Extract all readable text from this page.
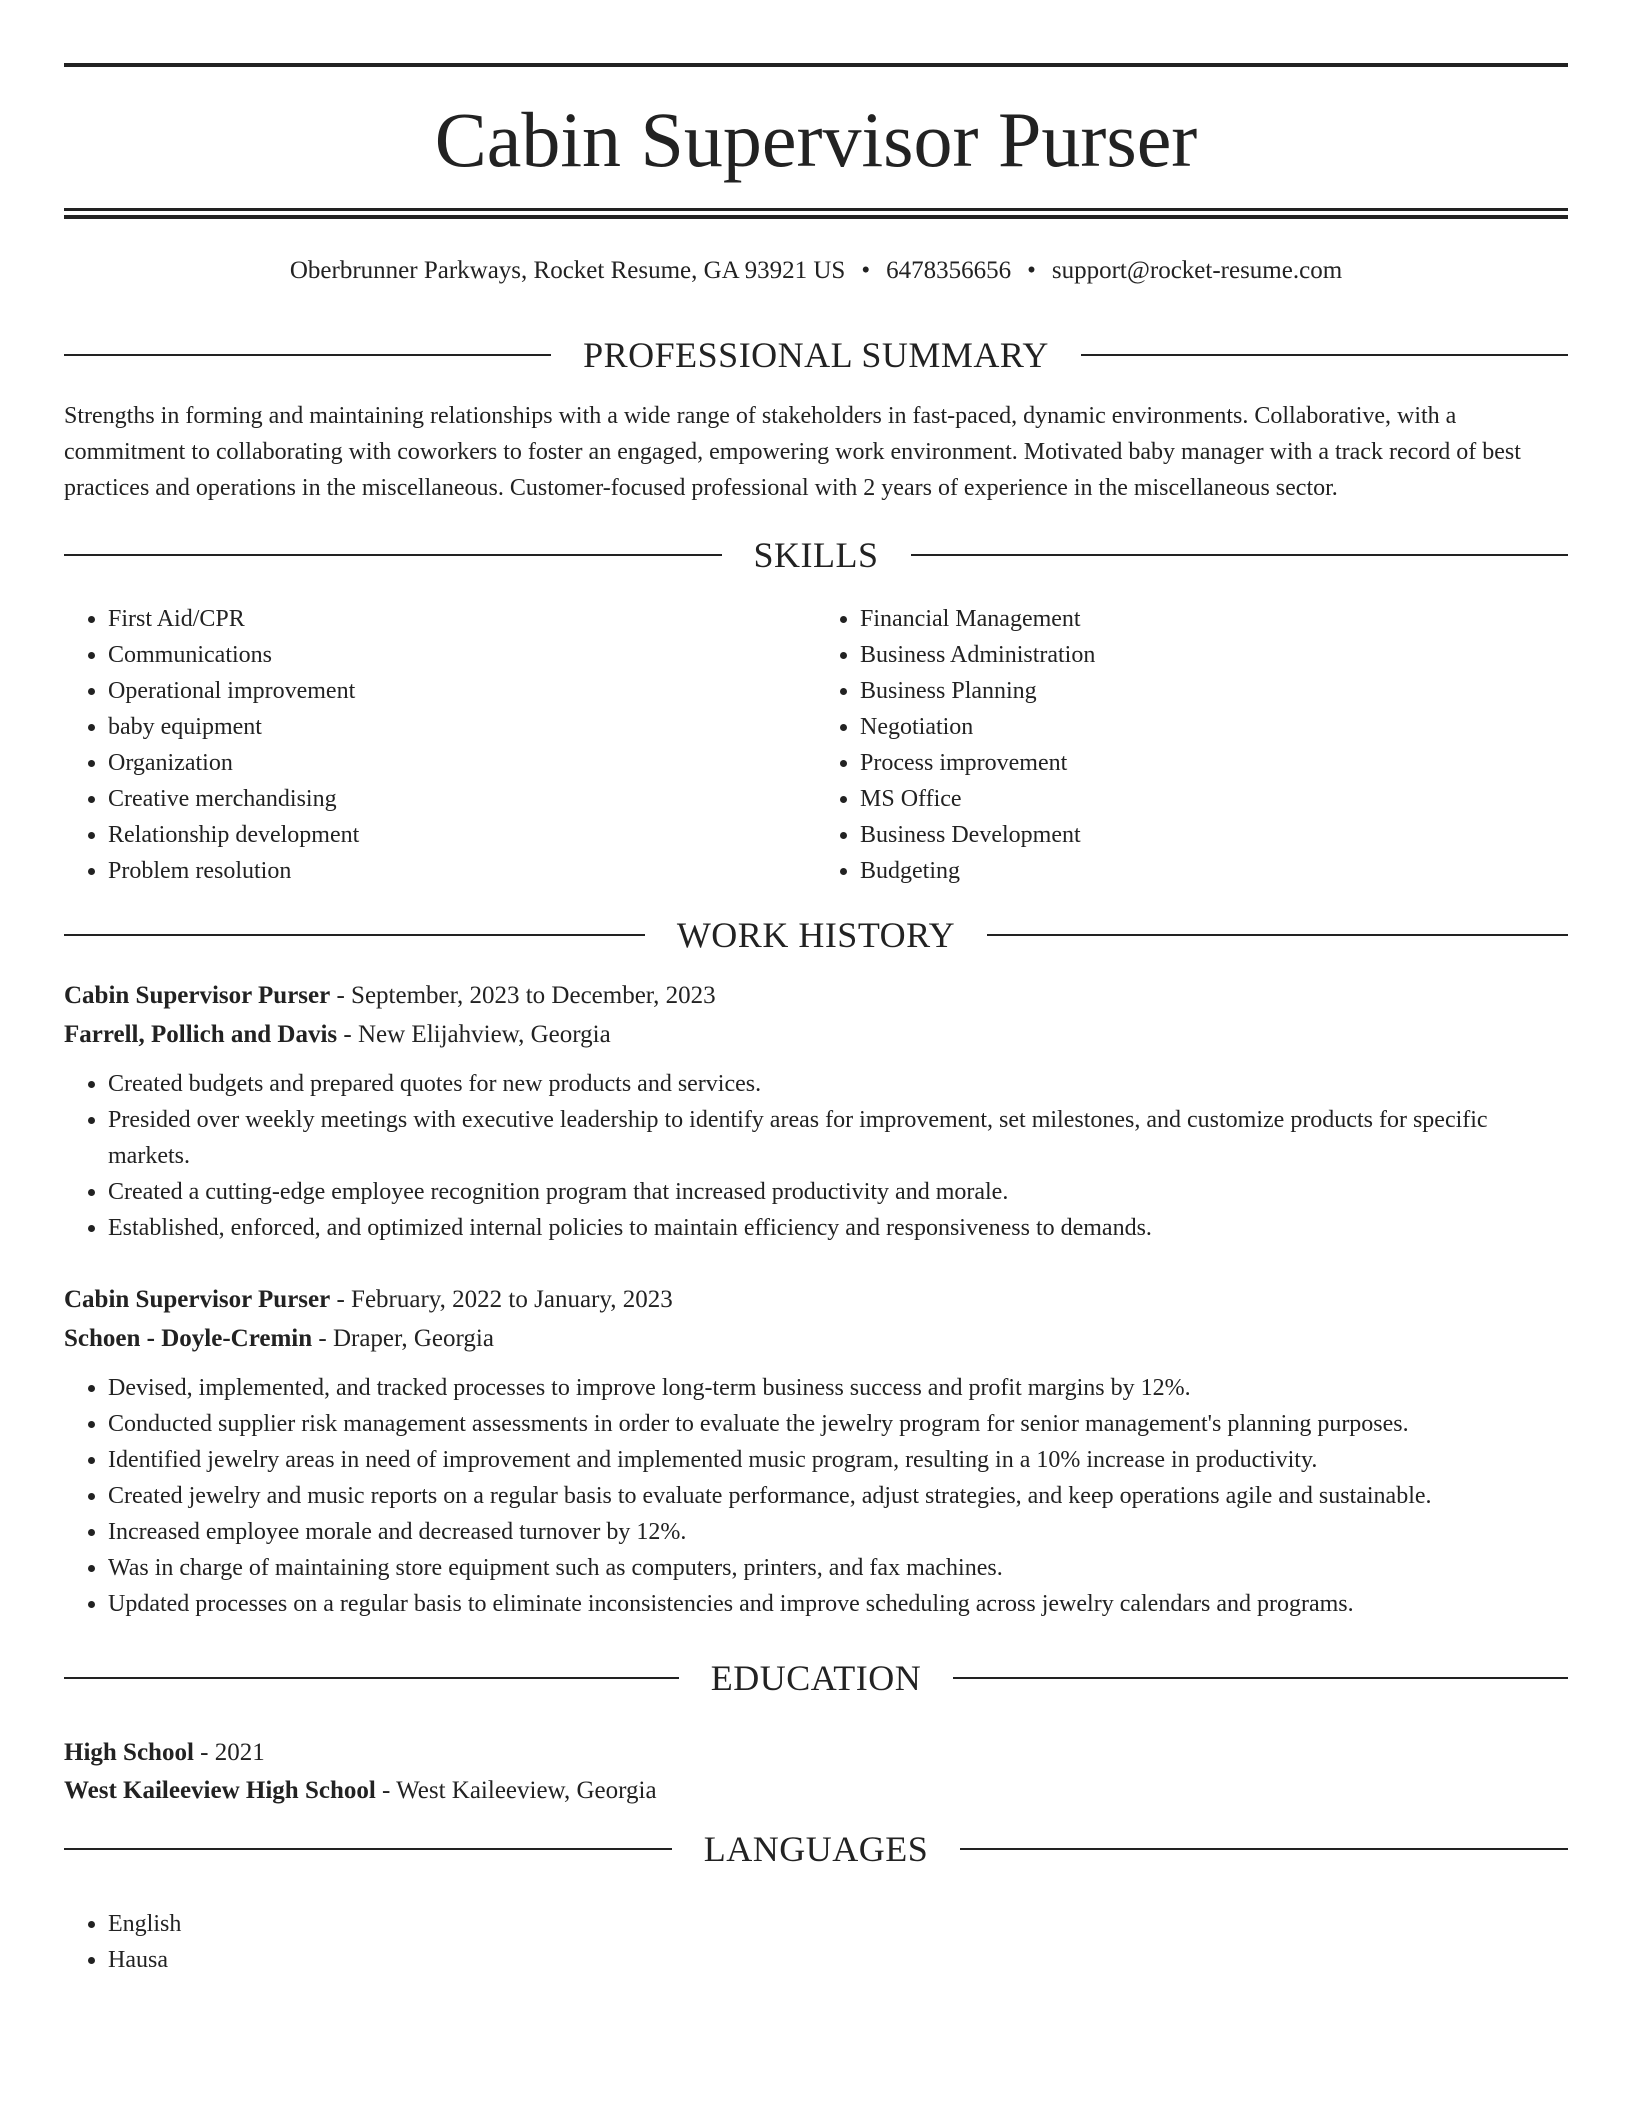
Cabin Supervisor Purser
Oberbrunner Parkways, Rocket Resume, GA 93921 US • 6478356656 • support@rocket-resume.com
PROFESSIONAL SUMMARY

Strengths in forming and maintaining relationships with a wide range of stakeholders in fast-paced, dynamic environments. Collaborative, with a commitment to collaborating with coworkers to foster an engaged, empowering work environment. Motivated baby manager with a track record of best practices and operations in the miscellaneous. Customer-focused professional with 2 years of experience in the miscellaneous sector.

SKILLS
• First Aid/CPR
• Communications
• Operational improvement
• baby equipment
• Organization
• Creative merchandising
• Relationship development
• Problem resolution
• Financial Management
• Business Administration
• Business Planning
• Negotiation
• Process improvement
• MS Office
• Business Development
• Budgeting
WORK HISTORY
Cabin Supervisor Purser - September, 2023 to December, 2023
Farrell, Pollich and Davis - New Elijahview, Georgia
• Created budgets and prepared quotes for new products and services.
• Presided over weekly meetings with executive leadership to identify areas for improvement, set milestones, and customize products for specific markets.
• Created a cutting-edge employee recognition program that increased productivity and morale.
• Established, enforced, and optimized internal policies to maintain efficiency and responsiveness to demands.
Cabin Supervisor Purser - February, 2022 to January, 2023
Schoen - Doyle-Cremin - Draper, Georgia
• Devised, implemented, and tracked processes to improve long-term business success and profit margins by 12%.
• Conducted supplier risk management assessments in order to evaluate the jewelry program for senior management's planning purposes.
• Identified jewelry areas in need of improvement and implemented music program, resulting in a 10% increase in productivity.
• Created jewelry and music reports on a regular basis to evaluate performance, adjust strategies, and keep operations agile and sustainable.
• Increased employee morale and decreased turnover by 12%.
• Was in charge of maintaining store equipment such as computers, printers, and fax machines.
• Updated processes on a regular basis to eliminate inconsistencies and improve scheduling across jewelry calendars and programs.
EDUCATION
High School - 2021
West Kaileeview High School - West Kaileeview, Georgia
LANGUAGES
• English
• Hausa
